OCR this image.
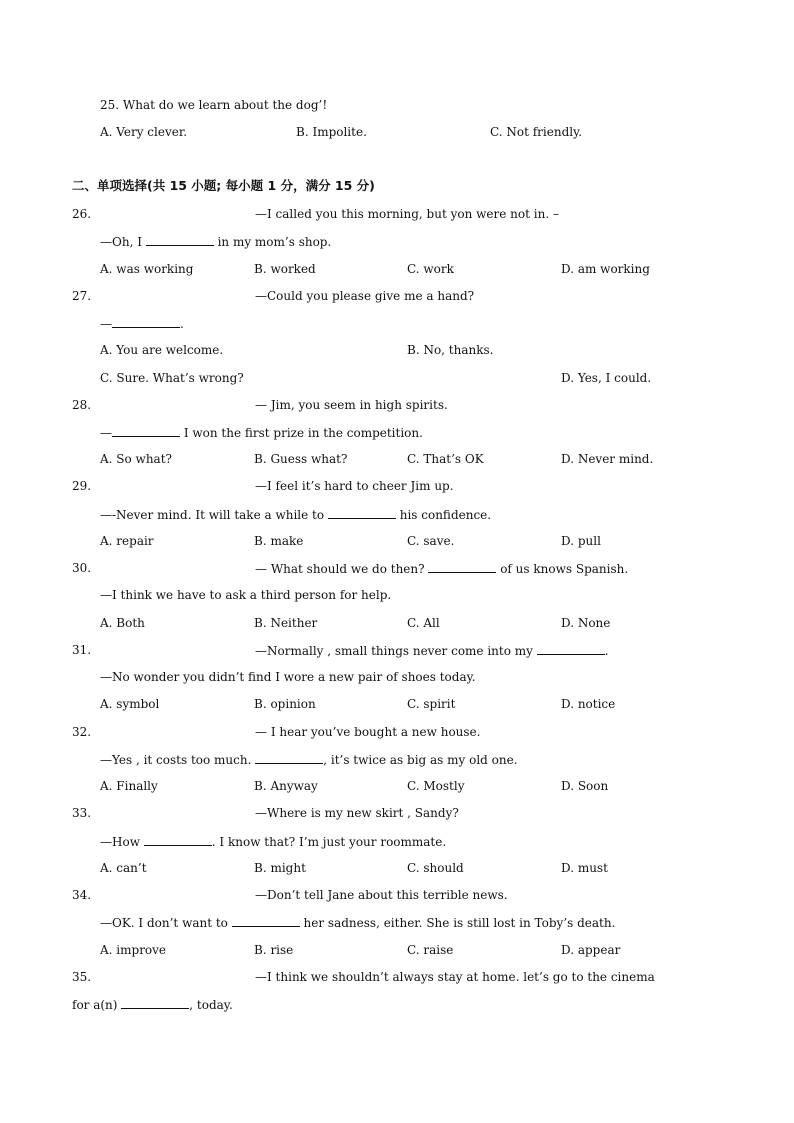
25. What do we learn about the dog’!
A. Very clever.	B. Impolite.	C. Not friendly.
二、单项选择(共 15 小题; 每小题 1 分，满分 15 分)
26.	—I called you this morning, but yon were not in. –
—Oh, I	in my mom’s shop.
A. was working	B. worked	C. work	D. am working
27.	—Could you please give me a hand?
—	.
A. You are welcome.	B. No, thanks.
C. Sure. What’s wrong?	D. Yes, I could.
28.	— Jim, you seem in high spirits.
—	I won the first prize in the competition.
A. So what?	B. Guess what?	C. That’s OK	D. Never mind.
29.	—I feel it’s hard to cheer Jim up.
—-Never mind. It will take a while to	his confidence.
A. repair	B. make	C. save.	D. pull
30.	— What should we do then?	of us knows Spanish.
—I think we have to ask a third person for help.
A. Both	B. Neither	C. All	D. None
31.	—Normally , small things never come into my	.
—No wonder you didn’t find I wore a new pair of shoes today.
A. symbol	B. opinion	C. spirit	D. notice
32.	— I hear you’ve bought a new house.
—Yes , it costs too much.	, it’s twice as big as my old one.
A. Finally	B. Anyway	C. Mostly	D. Soon
33.	—Where is my new skirt , Sandy?
—How	. I know that? I’m just your roommate.
A. can’t	B. might	C. should	D. must
34.	—Don’t tell Jane about this terrible news.
—OK. I don’t want to	her sadness, either. She is still lost in Toby’s death.
A. improve	B. rise	C. raise	D. appear
35.	—I think we shouldn’t always stay at home. let’s go to the cinema
for a(n)	, today.
